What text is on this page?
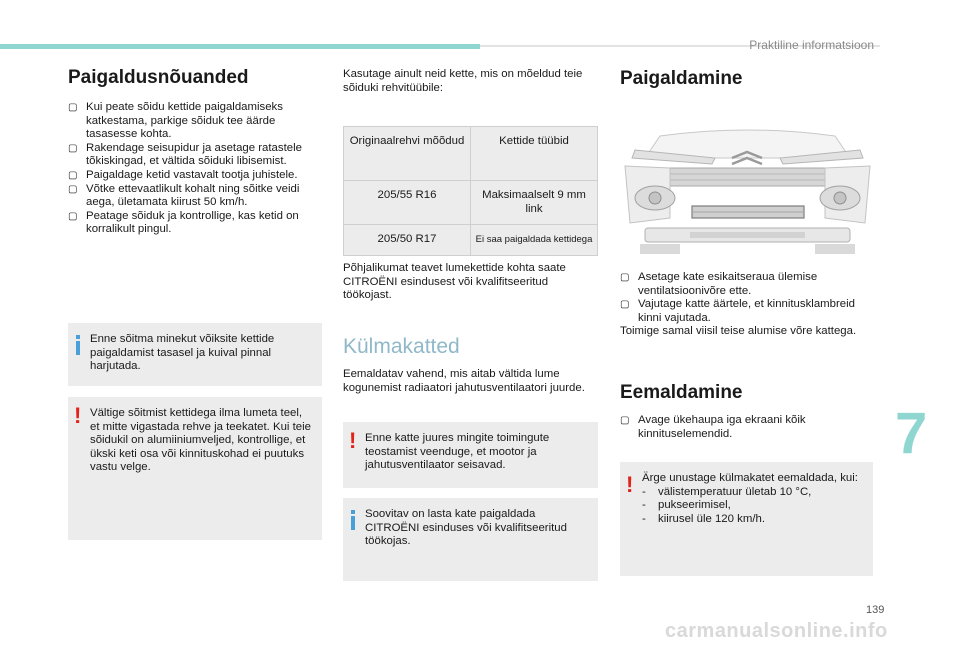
Praktiline informatsioon
Paigaldusnõuanded
▢ Kui peate sõidu kettide paigaldamiseks katkestama, parkige sõiduk tee äärde tasasesse kohta.
▢ Rakendage seisupidur ja asetage ratastele tõkiskingad, et vältida sõiduki libisemist.
▢ Paigaldage ketid vastavalt tootja juhistele.
▢ Võtke ettevaatlikult kohalt ning sõitke veidi aega, ületamata kiirust 50 km/h.
▢ Peatage sõiduk ja kontrollige, kas ketid on korralikult pingul.
Enne sõitma minekut võiksite kettide paigaldamist tasasel ja kuival pinnal harjutada.
! Vältige sõitmist kettidega ilma lumeta teel, et mitte vigastada rehve ja teekatet. Kui teie sõidukil on alumiiniumveljed, kontrollige, et ükski keti osa või kinnituskohad ei puutuks vastu velge.
Kasutage ainult neid kette, mis on mõeldud teie sõiduki rehvitüübile:
Originaalrehvi mõõdud	Kettide tüübid
205/55 R16	Maksimaalselt 9 mm link
205/50 R17	Ei saa paigaldada kettidega
Põhjalikumat teavet lumekettide kohta saate CITROËNI esindusest või kvalifitseeritud töökojast.
Külmakatted
Eemaldatav vahend, mis aitab vältida lume kogunemist radiaatori jahutusventilaatori juurde.
! Enne katte juures mingite toimingute teostamist veenduge, et mootor ja jahutusventilaator seisavad.
Soovitav on lasta kate paigaldada CITROËNI esinduses või kvalifitseeritud töökojas.
Paigaldamine
▢ Asetage kate esikaitseraua ülemise ventilatsioonivõre ette.
▢ Vajutage katte äärtele, et kinnitusklambreid kinni vajutada.
Toimige samal viisil teise alumise võre kattega.
Eemaldamine
▢ Avage ükehaupa iga ekraani kõik kinnituselemendid.
! Ärge unustage külmakatet eemaldada, kui:
- välistemperatuur ületab 10 °C,
- pukseerimisel,
- kiirusel üle 120 km/h.
7
139
carmanualsonline.info
